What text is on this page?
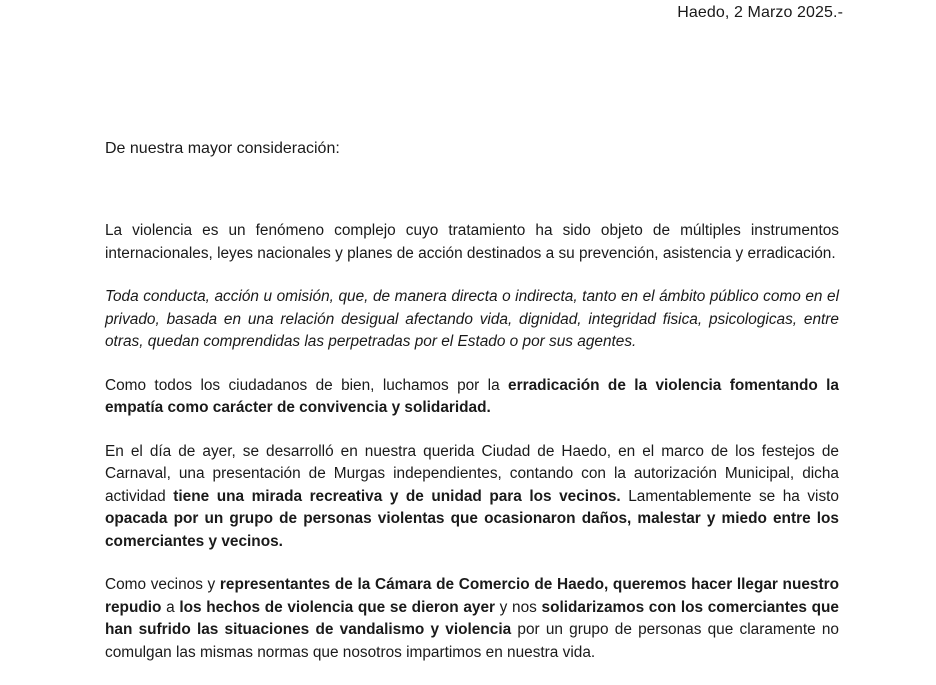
Haedo, 2 Marzo 2025.-
De nuestra mayor consideración:

La violencia es un fenómeno complejo cuyo tratamiento ha sido objeto de múltiples instrumentos internacionales, leyes nacionales y planes de acción destinados a su prevención, asistencia y erradicación.

Toda conducta, acción u omisión, que, de manera directa o indirecta, tanto en el ámbito público como en el privado, basada en una relación desigual afectando vida, dignidad, integridad fisica, psicologicas, entre otras, quedan comprendidas las perpetradas por el Estado o por sus agentes.

Como todos los ciudadanos de bien, luchamos por la erradicación de la violencia fomentando la empatía como carácter de convivencia y solidaridad.

En el día de ayer, se desarrolló en nuestra querida Ciudad de Haedo, en el marco de los festejos de Carnaval, una presentación de Murgas independientes, contando con la autorización Municipal, dicha actividad tiene una mirada recreativa y de unidad para los vecinos. Lamentablemente se ha visto opacada por un grupo de personas violentas que ocasionaron daños, malestar y miedo entre los comerciantes y vecinos.

Como vecinos y representantes de la Cámara de Comercio de Haedo, queremos hacer llegar nuestro repudio a los hechos de violencia que se dieron ayer y nos solidarizamos con los comerciantes que han sufrido las situaciones de vandalismo y violencia por un grupo de personas que claramente no comulgan las mismas normas que nosotros impartimos en nuestra vida.
